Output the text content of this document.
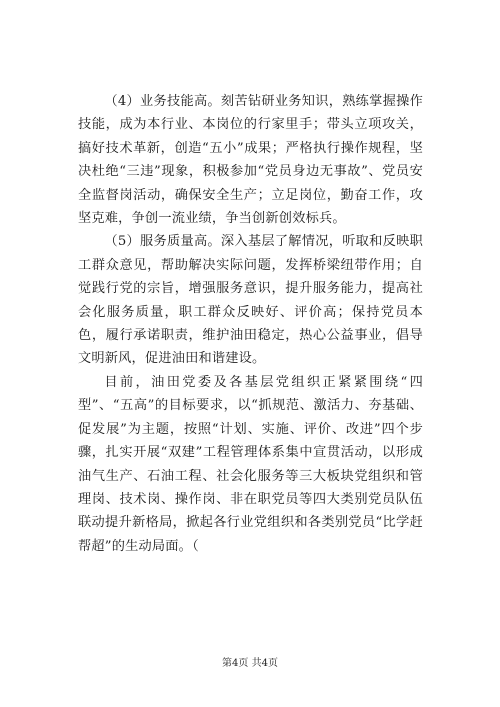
（4）业务技能高。刻苦钻研业务知识，熟练掌握操作技能，成为本行业、本岗位的行家里手；带头立项攻关，搞好技术革新，创造“五小”成果；严格执行操作规程，坚决杜绝“三违”现象，积极参加“党员身边无事故”、党员安全监督岗活动，确保安全生产；立足岗位，勤奋工作，攻坚克难，争创一流业绩，争当创新创效标兵。

（5）服务质量高。深入基层了解情况，听取和反映职工群众意见，帮助解决实际问题，发挥桥梁纽带作用；自觉践行党的宗旨，增强服务意识，提升服务能力，提高社会化服务质量，职工群众反映好、评价高；保持党员本色，履行承诺职责，维护油田稳定，热心公益事业，倡导文明新风，促进油田和谐建设。

目前，油田党委及各基层党组织正紧紧围绕“四型”、“五高”的目标要求，以“抓规范、激活力、夯基础、促发展”为主题，按照“计划、实施、评价、改进”四个步骤，扎实开展“双建”工程管理体系集中宣贯活动，以形成油气生产、石油工程、社会化服务等三大板块党组织和管理岗、技术岗、操作岗、非在职党员等四大类别党员队伍联动提升新格局，掀起各行业党组织和各类别党员“比学赶帮超”的生动局面。（

第4页 共4页
